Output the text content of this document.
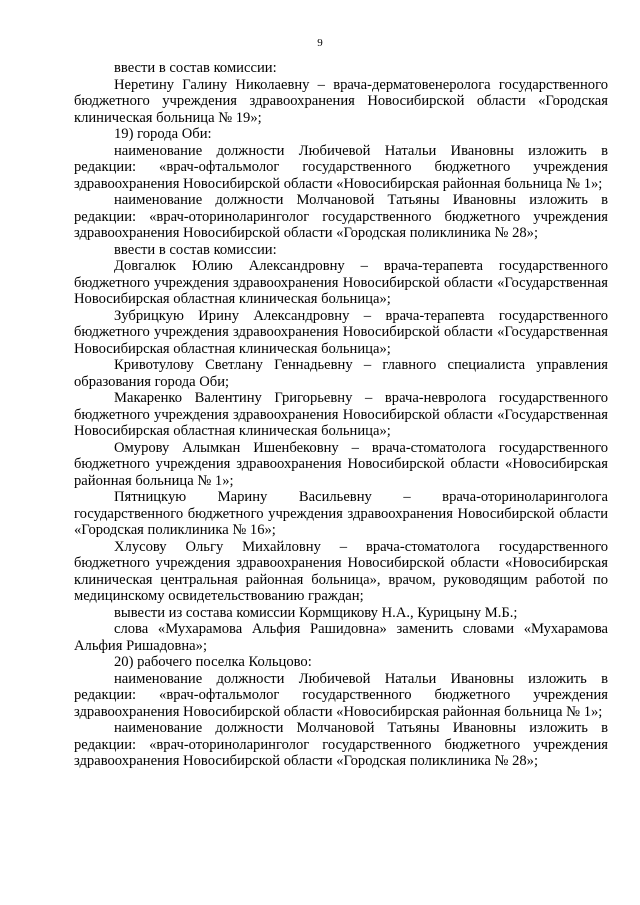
9

ввести в состав комиссии:

Неретину Галину Николаевну – врача-дерматовенеролога государственного бюджетного учреждения здравоохранения Новосибирской области «Городская клиническая больница № 19»;

19) города Оби:

наименование должности Любичевой Натальи Ивановны изложить в редакции: «врач-офтальмолог государственного бюджетного учреждения здравоохранения Новосибирской области «Новосибирская районная больница № 1»;

наименование должности Молчановой Татьяны Ивановны изложить в редакции: «врач-оториноларинголог государственного бюджетного учреждения здравоохранения Новосибирской области «Городская поликлиника № 28»;

ввести в состав комиссии:

Довгалюк Юлию Александровну – врача-терапевта государственного бюджетного учреждения здравоохранения Новосибирской области «Государственная Новосибирская областная клиническая больница»;

Зубрицкую Ирину Александровну – врача-терапевта государственного бюджетного учреждения здравоохранения Новосибирской области «Государственная Новосибирская областная клиническая больница»;

Кривотулову Светлану Геннадьевну – главного специалиста управления образования города Оби;

Макаренко Валентину Григорьевну – врача-невролога государственного бюджетного учреждения здравоохранения Новосибирской области «Государственная Новосибирская областная клиническая больница»;

Омурову Алымкан Ишенбековну – врача-стоматолога государственного бюджетного учреждения здравоохранения Новосибирской области «Новосибирская районная больница № 1»;

Пятницкую Марину Васильевну – врача-оториноларинголога государственного бюджетного учреждения здравоохранения Новосибирской области «Городская поликлиника № 16»;

Хлусову Ольгу Михайловну – врача-стоматолога государственного бюджетного учреждения здравоохранения Новосибирской области «Новосибирская клиническая центральная районная больница», врачом, руководящим работой по медицинскому освидетельствованию граждан;

вывести из состава комиссии Кормщикову Н.А., Курицыну М.Б.;

слова «Мухарамова Альфия Рашидовна» заменить словами «Мухарамова Альфия Ришадовна»;

20) рабочего поселка Кольцово:

наименование должности Любичевой Натальи Ивановны изложить в редакции: «врач-офтальмолог государственного бюджетного учреждения здравоохранения Новосибирской области «Новосибирская районная больница № 1»;

наименование должности Молчановой Татьяны Ивановны изложить в редакции: «врач-оториноларинголог государственного бюджетного учреждения здравоохранения Новосибирской области «Городская поликлиника № 28»;
